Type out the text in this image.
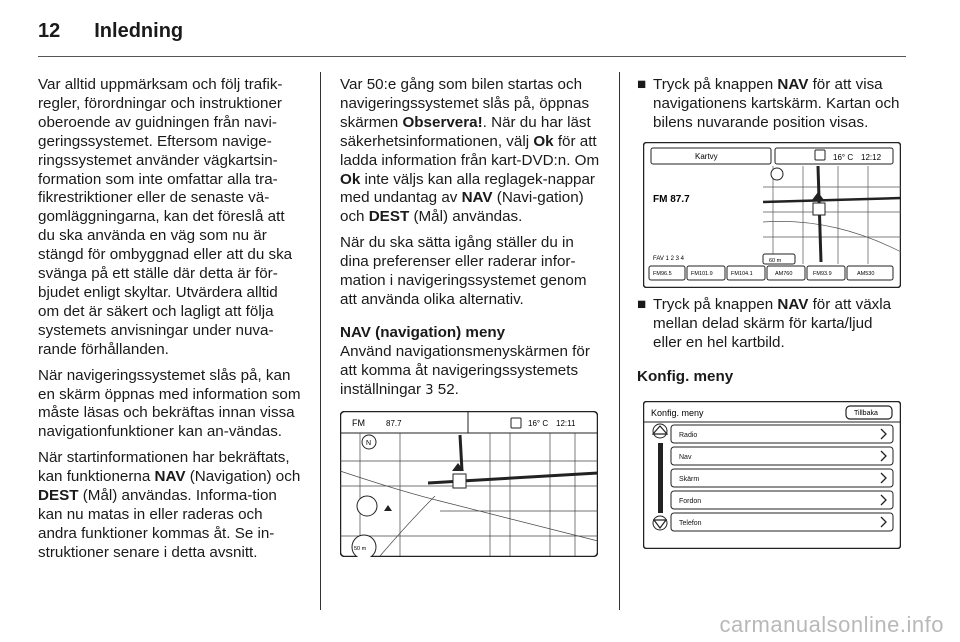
12 Inledning

Var alltid uppmärksam och följ trafik-regler, förordningar och instruktioner oberoende av guidningen från navi-geringssystemet. Eftersom navige-ringssystemet använder vägkartsin-formation som inte omfattar alla tra-fikrestriktioner eller de senaste vä-gomläggningarna, kan det föreslå att du ska använda en väg som nu är stängd för ombyggnad eller att du ska svänga på ett ställe där detta är för-bjudet enligt skyltar. Utvärdera alltid om det är säkert och lagligt att följa systemets anvisningar under nuva-rande förhållanden.

När navigeringssystemet slås på, kan en skärm öppnas med information som måste läsas och bekräftas innan vissa navigationfunktioner kan an-vändas.

När startinformationen har bekräftats, kan funktionerna NAV (Navigation) och DEST (Mål) användas. Informa-tion kan nu matas in eller raderas och andra funktioner kommas åt. Se in-struktioner senare i detta avsnitt.

Var 50:e gång som bilen startas och navigeringssystemet slås på, öppnas skärmen Observera!. När du har läst säkerhetsinformationen, välj Ok för att ladda information från kart-DVD:n. Om Ok inte väljs kan alla reglagek-nappar med undantag av NAV (Navi-gation) och DEST (Mål) användas.

När du ska sätta igång ställer du in dina preferenser eller raderar infor-mation i navigeringssystemet genom att använda olika alternativ.

NAV (navigation) meny

Använd navigationsmenyskärmen för att komma åt navigeringssystemets inställningar 3 52.

FM	87.7	16° C 12:11
N
50 m

■ Tryck på knappen NAV för att visa navigationens kartskärm. Kartan och bilens nuvarande position visas.

Kartvy	16° C 12:12
60 m
FM 87.7
FAV 1 2 3 4
FM96.5	FM101.9	FM104.1	AM760	FM93.9	AM530

■ Tryck på knappen NAV för att växla mellan delad skärm för karta/ljud eller en hel kartbild.

Konfig. meny

Konfig. meny	Tillbaka
Radio
Nav
Skärm
Fordon
Telefon
carmanualsonline.info
